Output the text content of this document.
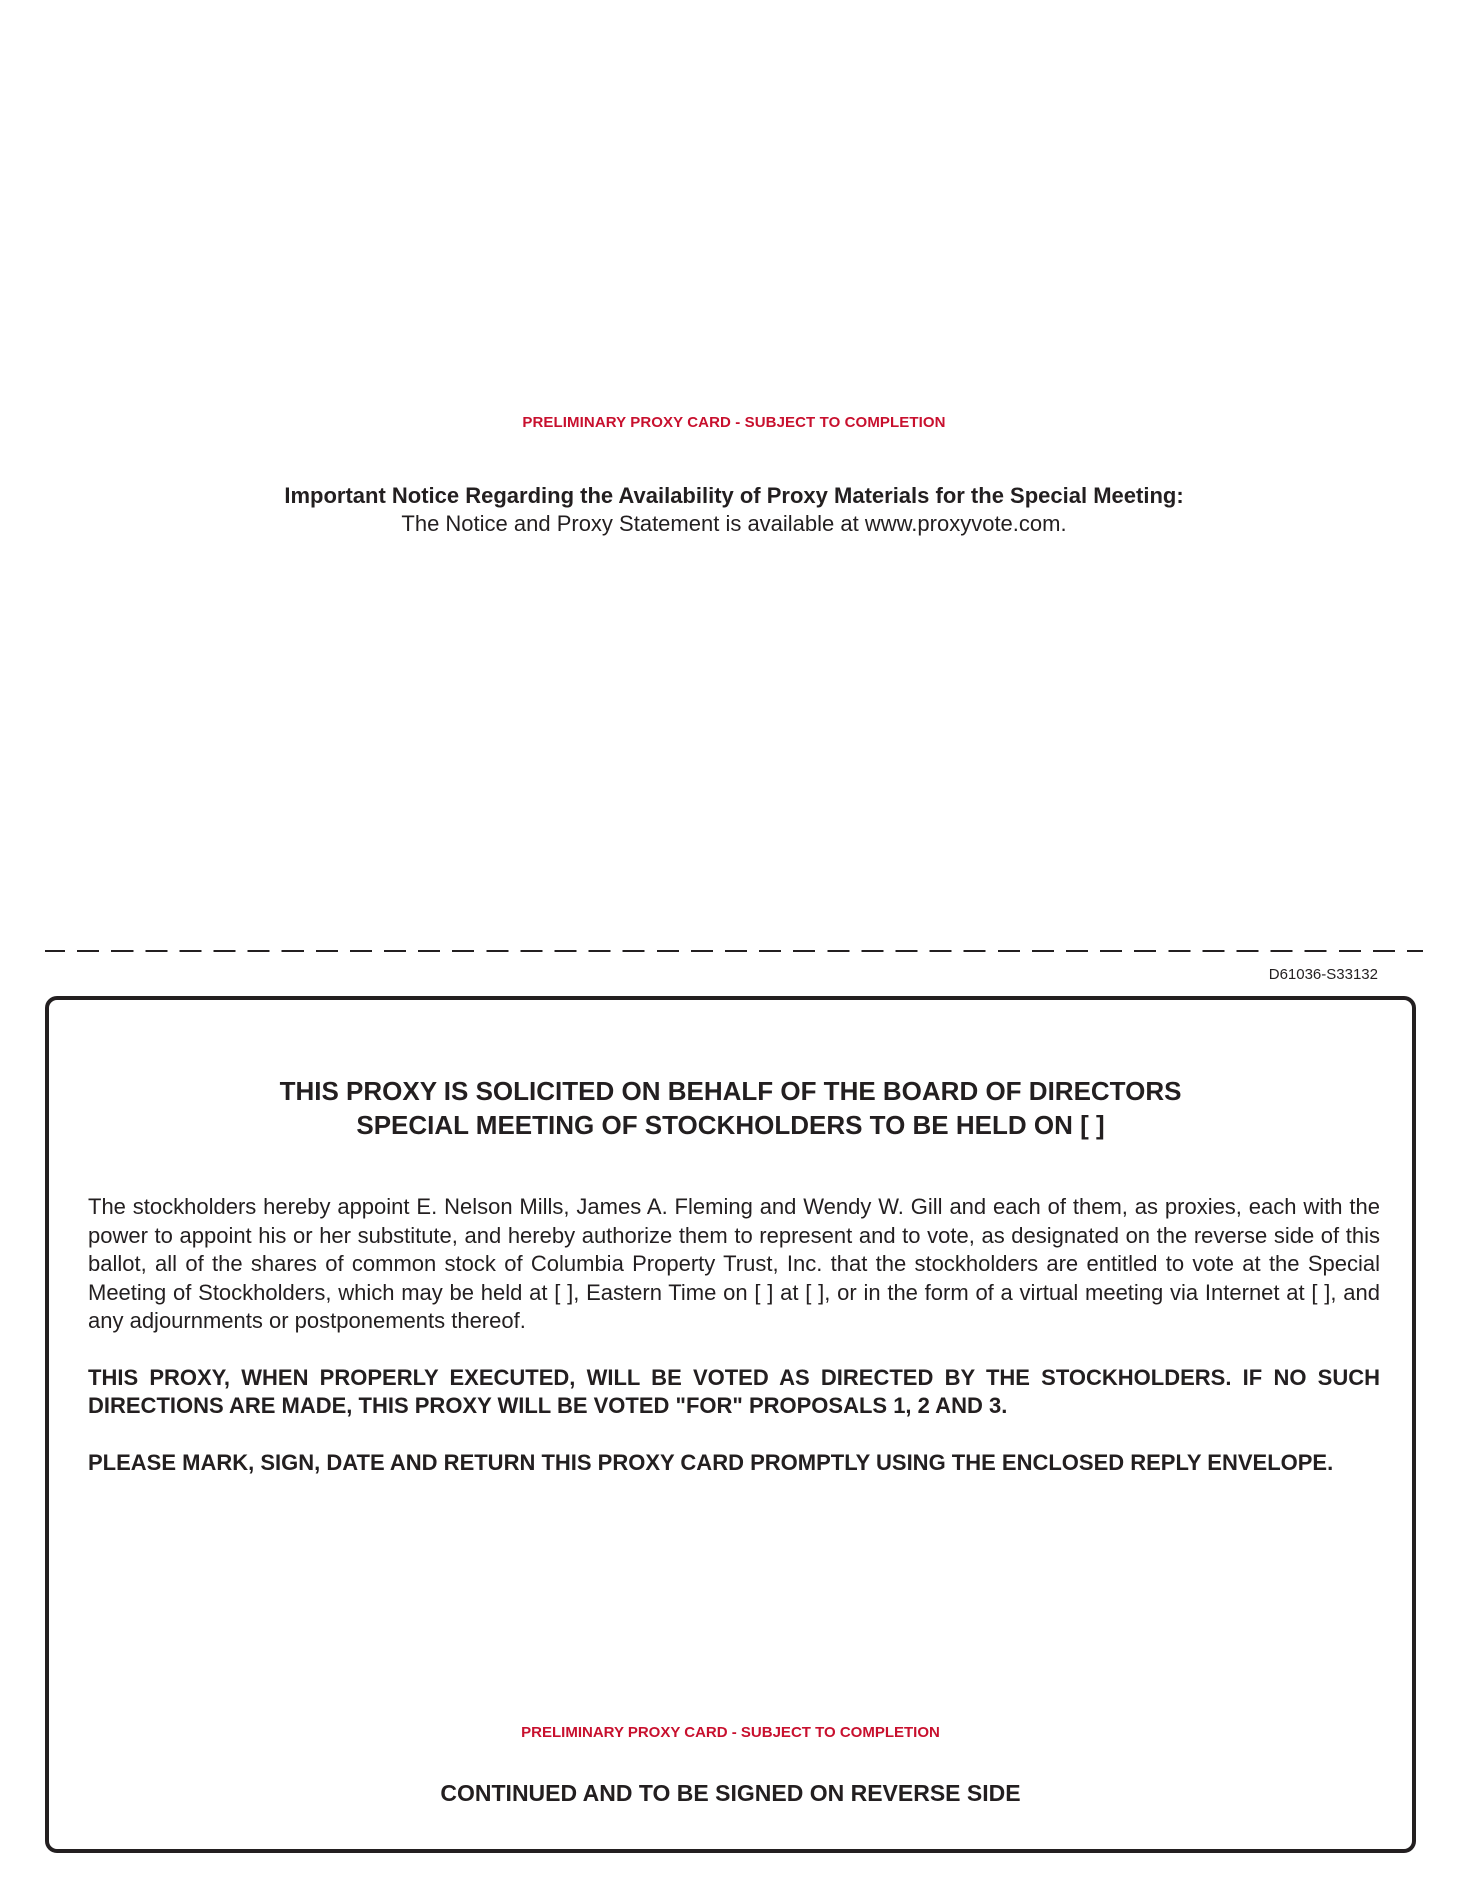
PRELIMINARY PROXY CARD - SUBJECT TO COMPLETION
Important Notice Regarding the Availability of Proxy Materials for the Special Meeting:
The Notice and Proxy Statement is available at www.proxyvote.com.
D61036-S33132
THIS PROXY IS SOLICITED ON BEHALF OF THE BOARD OF DIRECTORS
SPECIAL MEETING OF STOCKHOLDERS TO BE HELD ON [ ]

The stockholders hereby appoint E. Nelson Mills, James A. Fleming and Wendy W. Gill and each of them, as proxies, each with the power to appoint his or her substitute, and hereby authorize them to represent and to vote, as designated on the reverse side of this ballot, all of the shares of common stock of Columbia Property Trust, Inc. that the stockholders are entitled to vote at the Special Meeting of Stockholders, which may be held at [ ], Eastern Time on [ ] at [ ], or in the form of a virtual meeting via Internet at [ ], and any adjournments or postponements thereof.

THIS PROXY, WHEN PROPERLY EXECUTED, WILL BE VOTED AS DIRECTED BY THE STOCKHOLDERS. IF NO SUCH DIRECTIONS ARE MADE, THIS PROXY WILL BE VOTED "FOR" PROPOSALS 1, 2 AND 3.

PLEASE MARK, SIGN, DATE AND RETURN THIS PROXY CARD PROMPTLY USING THE ENCLOSED REPLY ENVELOPE.

PRELIMINARY PROXY CARD - SUBJECT TO COMPLETION
CONTINUED AND TO BE SIGNED ON REVERSE SIDE
